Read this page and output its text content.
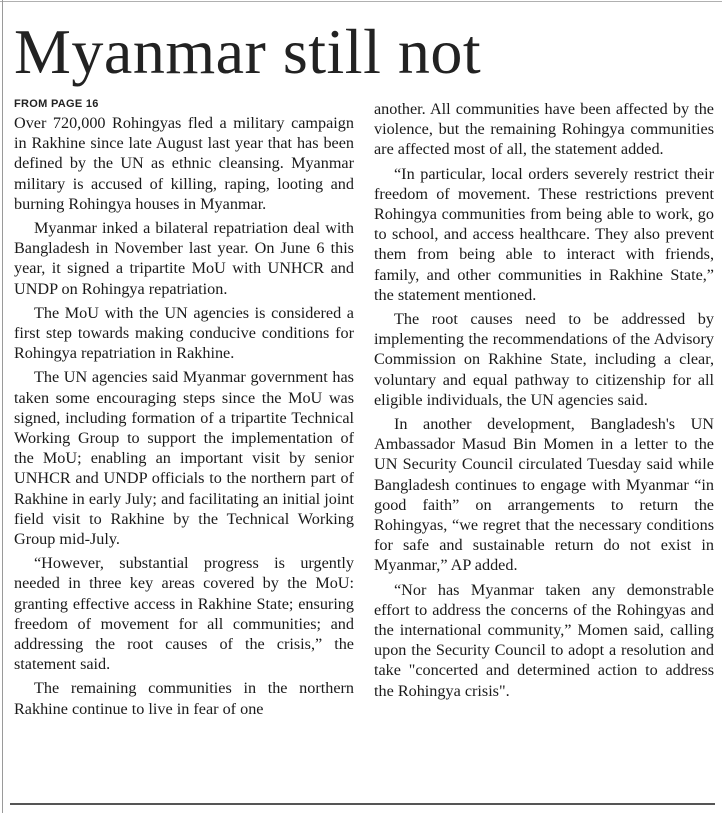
Myanmar still not
FROM PAGE 16

Over 720,000 Rohingyas fled a military campaign in Rakhine since late August last year that has been defined by the UN as ethnic cleansing. Myanmar military is accused of killing, raping, looting and burning Rohingya houses in Myanmar.

Myanmar inked a bilateral repatriation deal with Bangladesh in November last year. On June 6 this year, it signed a tripartite MoU with UNHCR and UNDP on Rohingya repatriation.

The MoU with the UN agencies is considered a first step towards making conducive conditions for Rohingya repatriation in Rakhine.

The UN agencies said Myanmar government has taken some encouraging steps since the MoU was signed, including formation of a tripartite Technical Working Group to support the implementation of the MoU; enabling an important visit by senior UNHCR and UNDP officials to the northern part of Rakhine in early July; and facilitating an initial joint field visit to Rakhine by the Technical Working Group mid-July.

“However, substantial progress is urgently needed in three key areas covered by the MoU: granting effective access in Rakhine State; ensuring freedom of movement for all communities; and addressing the root causes of the crisis,” the statement said.

The remaining communities in the northern Rakhine continue to live in fear of one

another. All communities have been affected by the violence, but the remaining Rohingya communities are affected most of all, the statement added.

“In particular, local orders severely restrict their freedom of movement. These restrictions prevent Rohingya communities from being able to work, go to school, and access healthcare. They also prevent them from being able to interact with friends, family, and other communities in Rakhine State,” the statement mentioned.

The root causes need to be addressed by implementing the recommendations of the Advisory Commission on Rakhine State, including a clear, voluntary and equal pathway to citizenship for all eligible individuals, the UN agencies said.

In another development, Bangladesh's UN Ambassador Masud Bin Momen in a letter to the UN Security Council circulated Tuesday said while Bangladesh continues to engage with Myanmar “in good faith” on arrangements to return the Rohingyas, “we regret that the necessary conditions for safe and sustainable return do not exist in Myanmar,” AP added.

“Nor has Myanmar taken any demonstrable effort to address the concerns of the Rohingyas and the international community,” Momen said, calling upon the Security Council to adopt a resolution and take "concerted and determined action to address the Rohingya crisis".
